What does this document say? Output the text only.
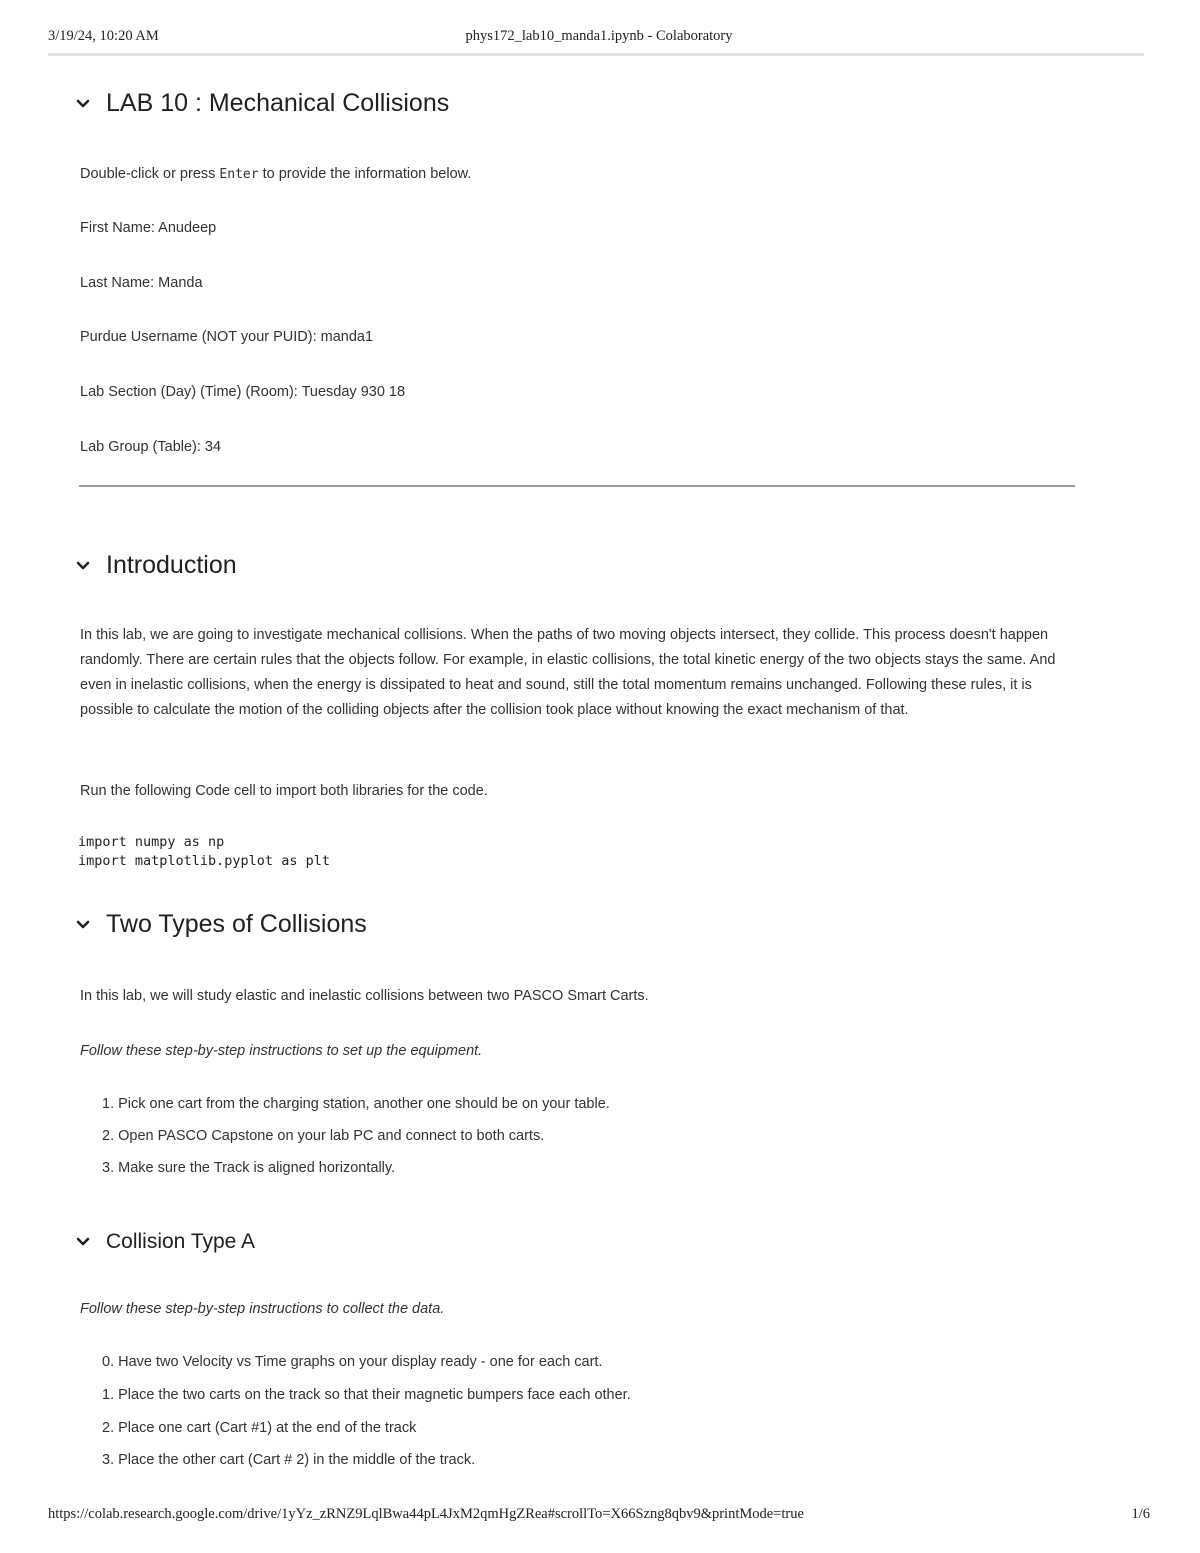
3/19/24, 10:20 AM	phys172_lab10_manda1.ipynb - Colaboratory
LAB 10 : Mechanical Collisions
Double-click or press Enter to provide the information below.
First Name: Anudeep
Last Name: Manda
Purdue Username (NOT your PUID): manda1
Lab Section (Day) (Time) (Room): Tuesday 930 18
Lab Group (Table): 34
Introduction
In this lab, we are going to investigate mechanical collisions. When the paths of two moving objects intersect, they collide. This process doesn't happen randomly. There are certain rules that the objects follow. For example, in elastic collisions, the total kinetic energy of the two objects stays the same. And even in inelastic collisions, when the energy is dissipated to heat and sound, still the total momentum remains unchanged. Following these rules, it is possible to calculate the motion of the colliding objects after the collision took place without knowing the exact mechanism of that.
Run the following Code cell to import both libraries for the code.
import numpy as np
import matplotlib.pyplot as plt
Two Types of Collisions
In this lab, we will study elastic and inelastic collisions between two PASCO Smart Carts.
Follow these step-by-step instructions to set up the equipment.
1. Pick one cart from the charging station, another one should be on your table.
2. Open PASCO Capstone on your lab PC and connect to both carts.
3. Make sure the Track is aligned horizontally.
Collision Type A
Follow these step-by-step instructions to collect the data.
0. Have two Velocity vs Time graphs on your display ready - one for each cart.
1. Place the two carts on the track so that their magnetic bumpers face each other.
2. Place one cart (Cart #1) at the end of the track
3. Place the other cart (Cart # 2) in the middle of the track.
https://colab.research.google.com/drive/1yYz_zRNZ9LqlBwa44pL4JxM2qmHgZRea#scrollTo=X66Szng8qbv9&printMode=true	1/6
